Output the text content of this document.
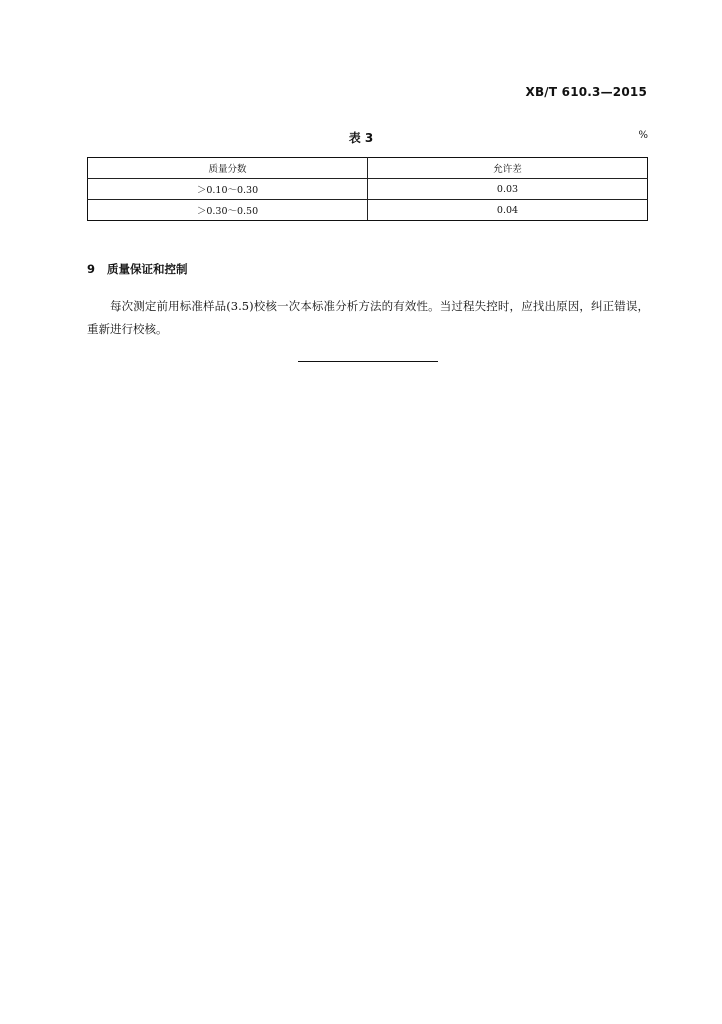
XB/T 610.3—2015
表 3	%
质量分数	允许差
＞0.10～0.30	0.03
＞0.30～0.50	0.04
9 质量保证和控制

每次测定前用标准样品(3.5)校核一次本标准分析方法的有效性。当过程失控时，应找出原因，纠正错误，重新进行校核。
